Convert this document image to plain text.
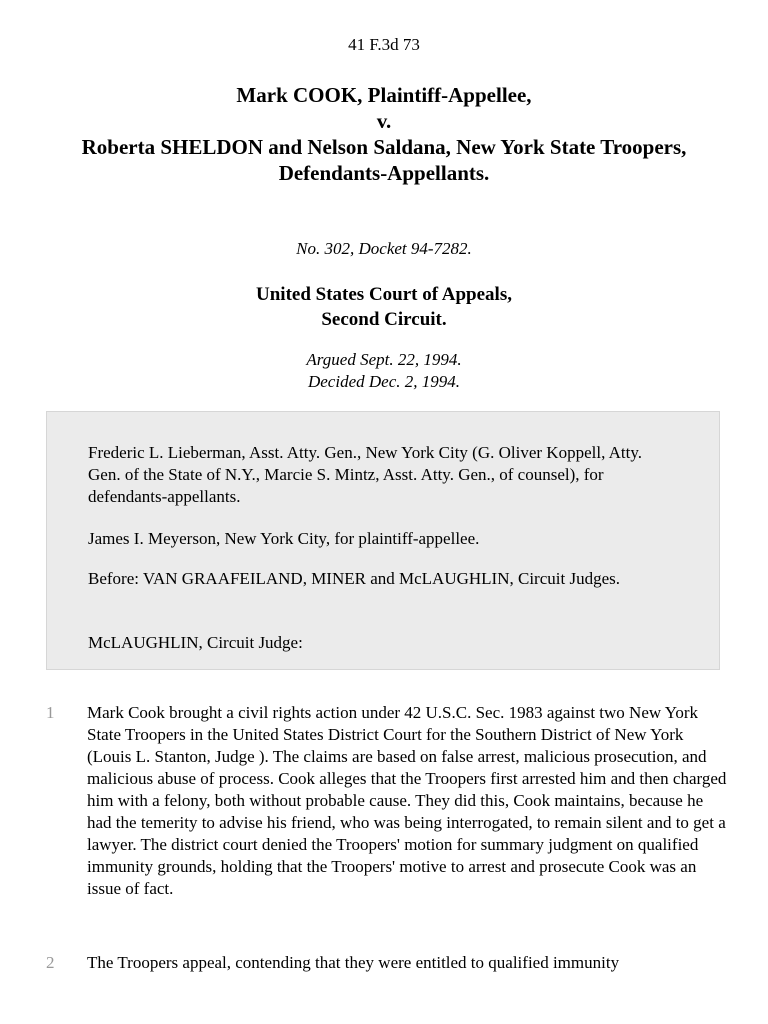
41 F.3d 73
Mark COOK, Plaintiff-Appellee,
v.
Roberta SHELDON and Nelson Saldana, New York State Troopers,
Defendants-Appellants.
No. 302, Docket 94-7282.
United States Court of Appeals,
Second Circuit.
Argued Sept. 22, 1994.
Decided Dec. 2, 1994.

Frederic L. Lieberman, Asst. Atty. Gen., New York City (G. Oliver Koppell, Atty. Gen. of the State of N.Y., Marcie S. Mintz, Asst. Atty. Gen., of counsel), for defendants-appellants.

James I. Meyerson, New York City, for plaintiff-appellee.

Before: VAN GRAAFEILAND, MINER and McLAUGHLIN, Circuit Judges.

McLAUGHLIN, Circuit Judge:

1 Mark Cook brought a civil rights action under 42 U.S.C. Sec. 1983 against two New York State Troopers in the United States District Court for the Southern District of New York (Louis L. Stanton, Judge ). The claims are based on false arrest, malicious prosecution, and malicious abuse of process. Cook alleges that the Troopers first arrested him and then charged him with a felony, both without probable cause. They did this, Cook maintains, because he had the temerity to advise his friend, who was being interrogated, to remain silent and to get a lawyer. The district court denied the Troopers' motion for summary judgment on qualified immunity grounds, holding that the Troopers' motive to arrest and prosecute Cook was an issue of fact.

2 The Troopers appeal, contending that they were entitled to qualified immunity
